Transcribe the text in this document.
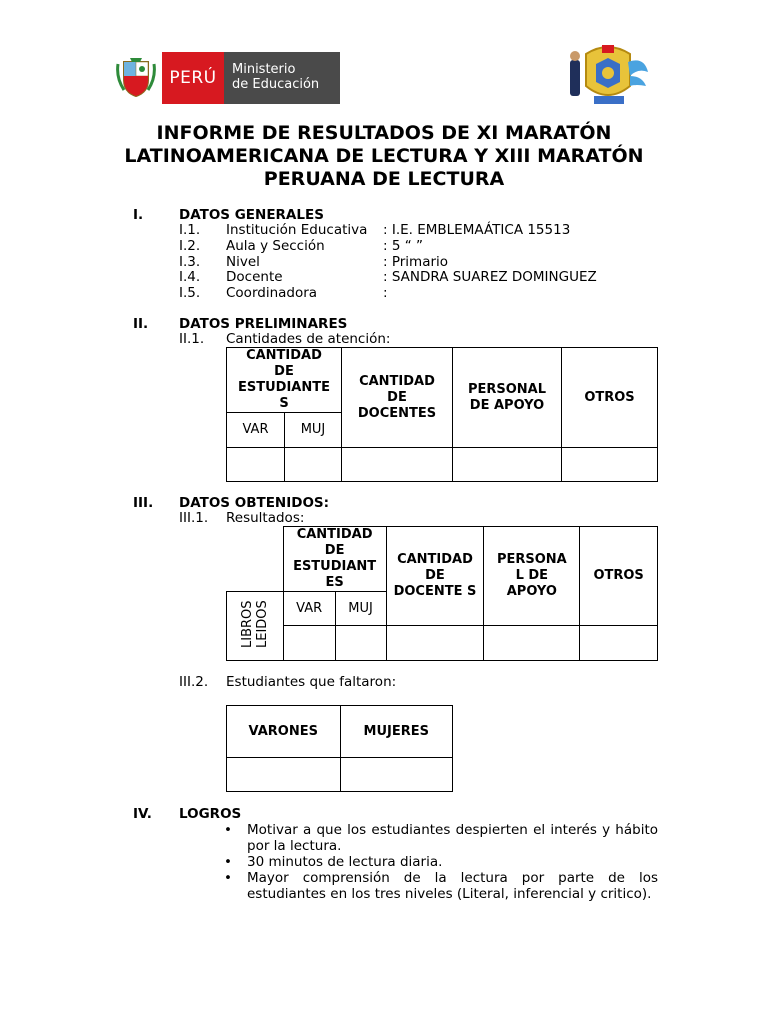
PERÚ	Ministerio
de Educación
INFORME DE RESULTADOS DE XI MARATÓN LATINOAMERICANA DE LECTURA Y XIII MARATÓN PERUANA DE LECTURA
I.	DATOS GENERALES
I.1. Institución Educativa : I.E. EMBLEMAÁTICA 15513
I.2. Aula y Sección	: 5 “ ”
I.3. Nivel	: Primario
I.4. Docente	: SANDRA SUAREZ DOMINGUEZ
I.5. Coordinadora	:
II. DATOS PRELIMINARES
II.1. Cantidades de atención:
CANTIDAD DE ESTUDIANTE S		CANTIDAD DE DOCENTES	PERSONAL DE APOYO	OTROS
VAR	MUJ			

III. DATOS OBTENIDOS:
III.1. Resultados:

	CANTIDAD DE ESTUDIANT ES		CANTIDAD DE DOCENTE S	PERSONA L DE APOYO	OTROS
LIBROS LEIDOS	VAR	MUJ			

III.2. Estudiantes que faltaron:
VARONES	MUJERES

IV. LOGROS
• Motivar a que los estudiantes despierten el interés y hábito por la lectura.
• 30 minutos de lectura diaria.
• Mayor comprensión de la lectura por parte de los estudiantes en los tres niveles (Literal, inferencial y critico).
